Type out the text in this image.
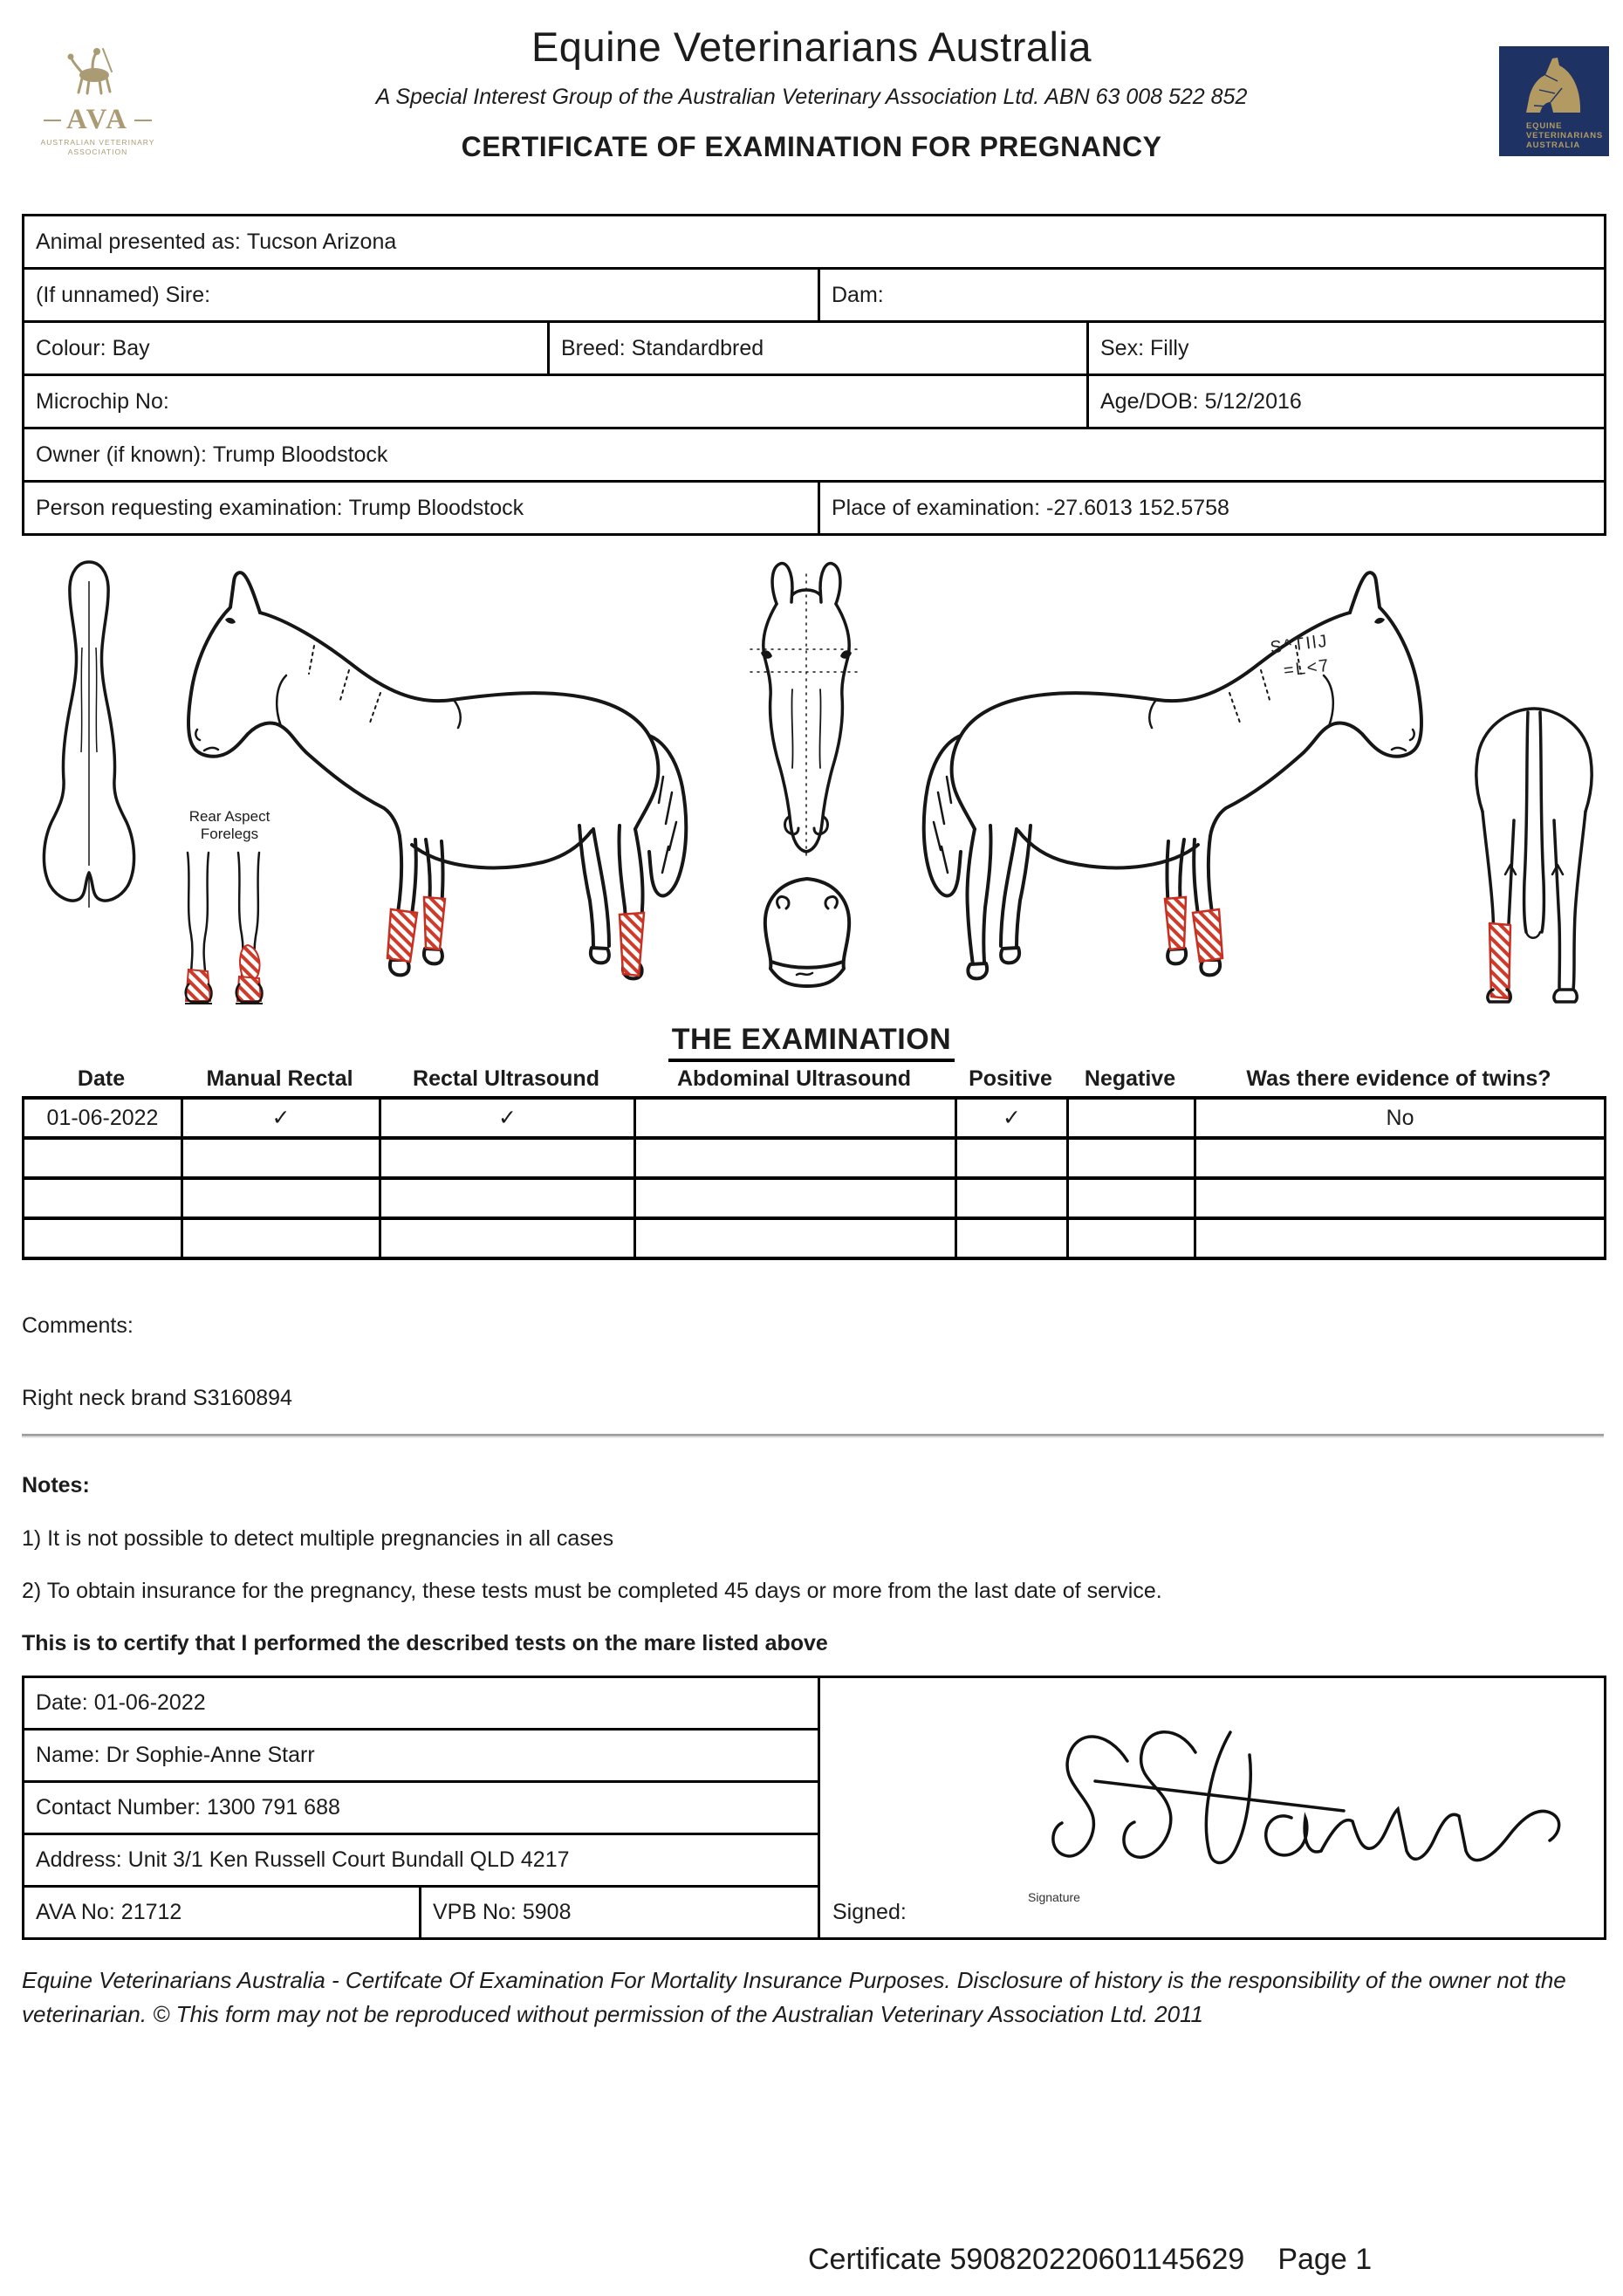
AVA
AUSTRALIAN VETERINARY
ASSOCIATION
Equine Veterinarians Australia
A Special Interest Group of the Australian Veterinary Association Ltd. ABN 63 008 522 852
CERTIFICATE OF EXAMINATION FOR PREGNANCY
EQUINE
VETERINARIANS
AUSTRALIA
Animal presented as: Tucson Arizona			
(If unnamed) Sire:		Dam:	
Colour: Bay	Breed: Standardbred		Sex: Filly
Microchip No:			Age/DOB: 5/12/2016
Owner (if known): Trump Bloodstock			
Person requesting examination: Trump Bloodstock		Place of examination: -27.6013 152.5758	
Rear Aspect
Forelegs
S^TIlJ
=L<7
THE EXAMINATION
Date	Manual Rectal	Rectal Ultrasound	Abdominal Ultrasound	Positive	Negative	Was there evidence of twins?
01-06-2022	✓	✓		✓		No

Comments:
Right neck brand S3160894
Notes:
1) It is not possible to detect multiple pregnancies in all cases
2) To obtain insurance for the pregnancy, these tests must be completed 45 days or more from the last date of service.
This is to certify that I performed the described tests on the mare listed above
Date: 01-06-2022		Signed:
Signature

Name: Dr Sophie-Anne Starr		
Contact Number: 1300 791 688		
Address: Unit 3/1 Ken Russell Court Bundall QLD 4217		
AVA No: 21712	VPB No: 5908	
Equine Veterinarians Australia - Certifcate Of Examination For Mortality Insurance Purposes. Disclosure of history is the responsibility of the owner not the veterinarian. © This form may not be reproduced without permission of the Australian Veterinary Association Ltd. 2011
Certificate 590820220601145629 Page 1
